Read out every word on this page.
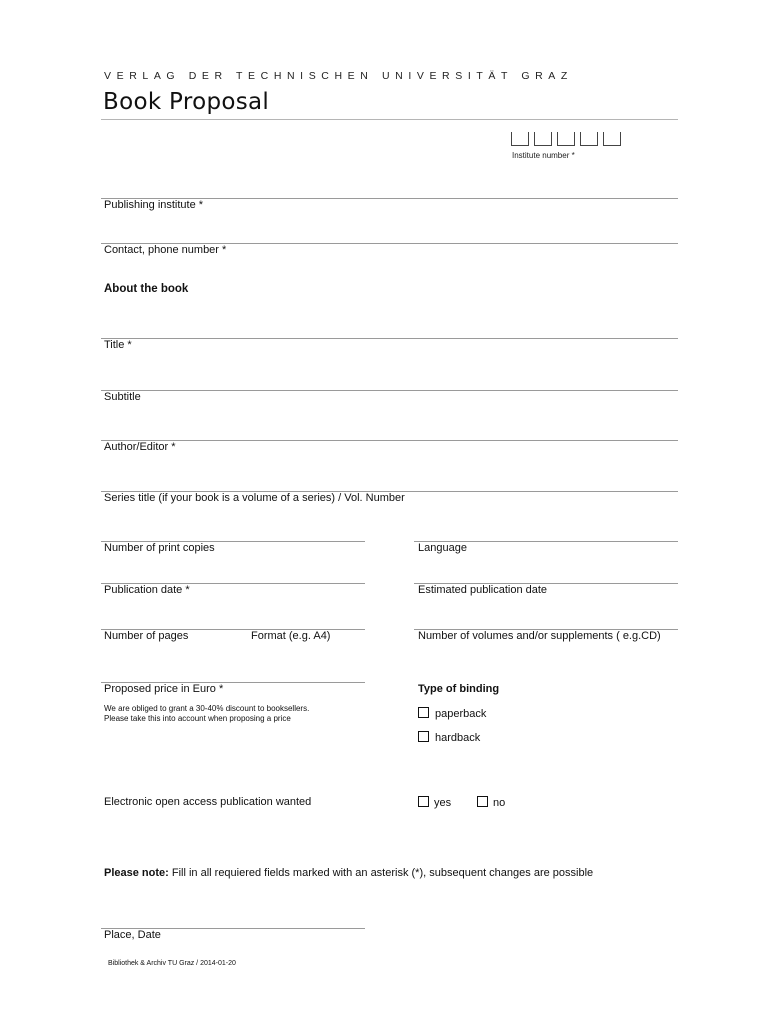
VERLAG DER TECHNISCHEN UNIVERSITÄT GRAZ
Book Proposal
Institute number *
Publishing institute *
Contact, phone number *
About the book
Title *
Subtitle
Author/Editor *
Series title (if your book is a volume of a series) / Vol. Number
Number of print copies	Language
Publication date *	Estimated publication date
Number of pages	Format (e.g. A4)	Number of volumes and/or supplements ( e.g.CD)
Proposed price in Euro *
We are obliged to grant a 30-40% discount to booksellers.
Please take this into account when proposing a price
Type of binding
paperback
hardback
Electronic open access publication wanted	yes	no
Please note: Fill in all requiered fields marked with an asterisk (*), subsequent changes are possible
Place, Date
Bibliothek & Archiv TU Graz / 2014-01-20
